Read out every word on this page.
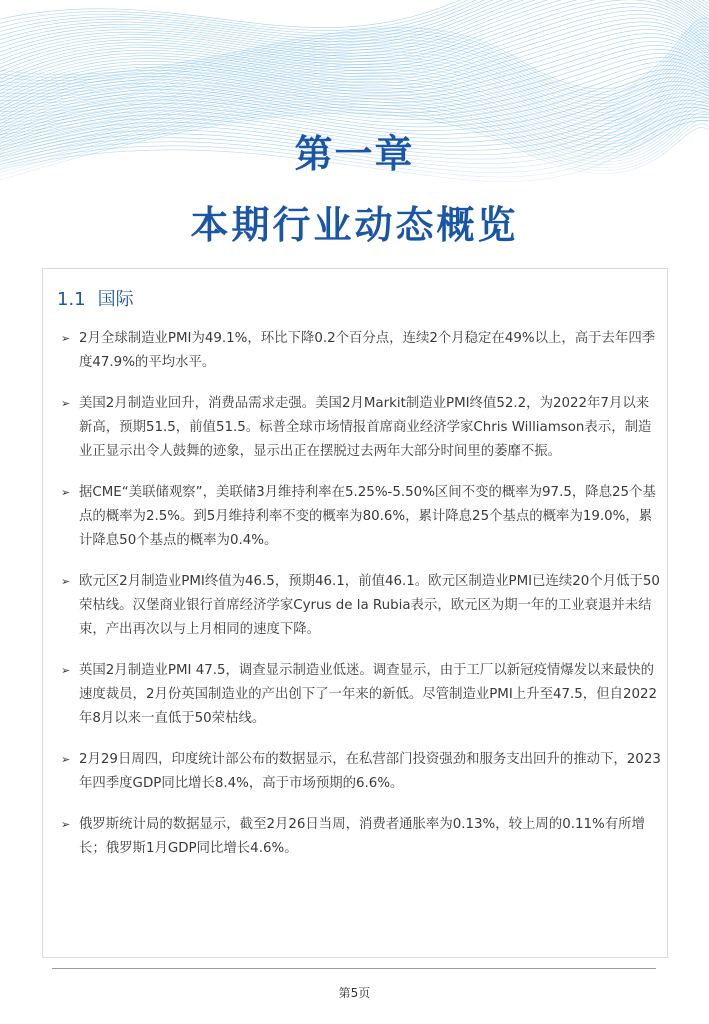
第一章
本期行业动态概览
1.1 国际
➢ 2月全球制造业PMI为49.1%，环比下降0.2个百分点，连续2个月稳定在49%以上，高于去年四季度47.9%的平均水平。
➢ 美国2月制造业回升，消费品需求走强。美国2月Markit制造业PMI终值52.2，为2022年7月以来新高，预期51.5，前值51.5。标普全球市场情报首席商业经济学家Chris Williamson表示，制造业正显示出令人鼓舞的迹象，显示出正在摆脱过去两年大部分时间里的萎靡不振。
➢ 据CME“美联储观察”，美联储3月维持利率在5.25%-5.50%区间不变的概率为97.5，降息25个基点的概率为2.5%。到5月维持利率不变的概率为80.6%，累计降息25个基点的概率为19.0%，累计降息50个基点的概率为0.4%。
➢ 欧元区2月制造业PMI终值为46.5，预期46.1，前值46.1。欧元区制造业PMI已连续20个月低于50荣枯线。汉堡商业银行首席经济学家Cyrus de la Rubia表示，欧元区为期一年的工业衰退并未结束，产出再次以与上月相同的速度下降。
➢ 英国2月制造业PMI 47.5，调查显示制造业低迷。调查显示，由于工厂以新冠疫情爆发以来最快的速度裁员，2月份英国制造业的产出创下了一年来的新低。尽管制造业PMI上升至47.5，但自2022年8月以来一直低于50荣枯线。
➢ 2月29日周四，印度统计部公布的数据显示，在私营部门投资强劲和服务支出回升的推动下，2023年四季度GDP同比增长8.4%，高于市场预期的6.6%。
➢ 俄罗斯统计局的数据显示，截至2月26日当周，消费者通胀率为0.13%，较上周的0.11%有所增长；俄罗斯1月GDP同比增长4.6%。
第5页
